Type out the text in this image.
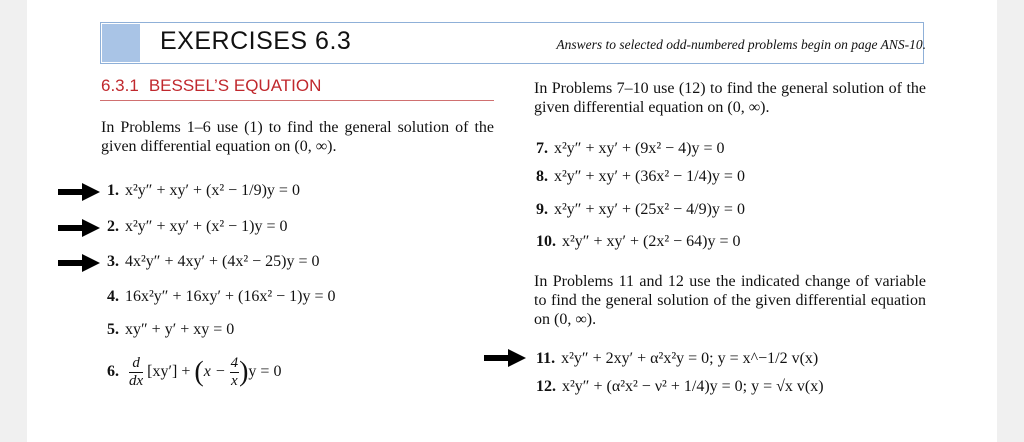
EXERCISES 6.3	Answers to selected odd-numbered problems begin on page ANS-10.
6.3.1 BESSEL’S EQUATION
In Problems 1–6 use (1) to find the general solution of the given differential equation on (0, ∞).
1. x²y″ + xy′ + (x² − 1/9)y = 0
2. x²y″ + xy′ + (x² − 1)y = 0
3. 4x²y″ + 4xy′ + (4x² − 25)y = 0
4. 16x²y″ + 16xy′ + (16x² − 1)y = 0
5. xy″ + y′ + xy = 0
6. $\frac{d}{dx} [xy'] + (x - \frac{4}{x} )y = 0$
In Problems 7–10 use (12) to find the general solution of the given differential equation on (0, ∞).
7. x²y″ + xy′ + (9x² − 4)y = 0
8. x²y″ + xy′ + (36x² − 1/4)y = 0
9. x²y″ + xy′ + (25x² − 4/9)y = 0
10. x²y″ + xy′ + (2x² − 64)y = 0
In Problems 11 and 12 use the indicated change of variable to find the general solution of the given differential equation on (0, ∞).
11. x²y″ + 2xy′ + α²x²y = 0; y = x^−1/2 v(x)
12. x²y″ + (α²x² − ν² + 1/4)y = 0; y = √x v(x)
